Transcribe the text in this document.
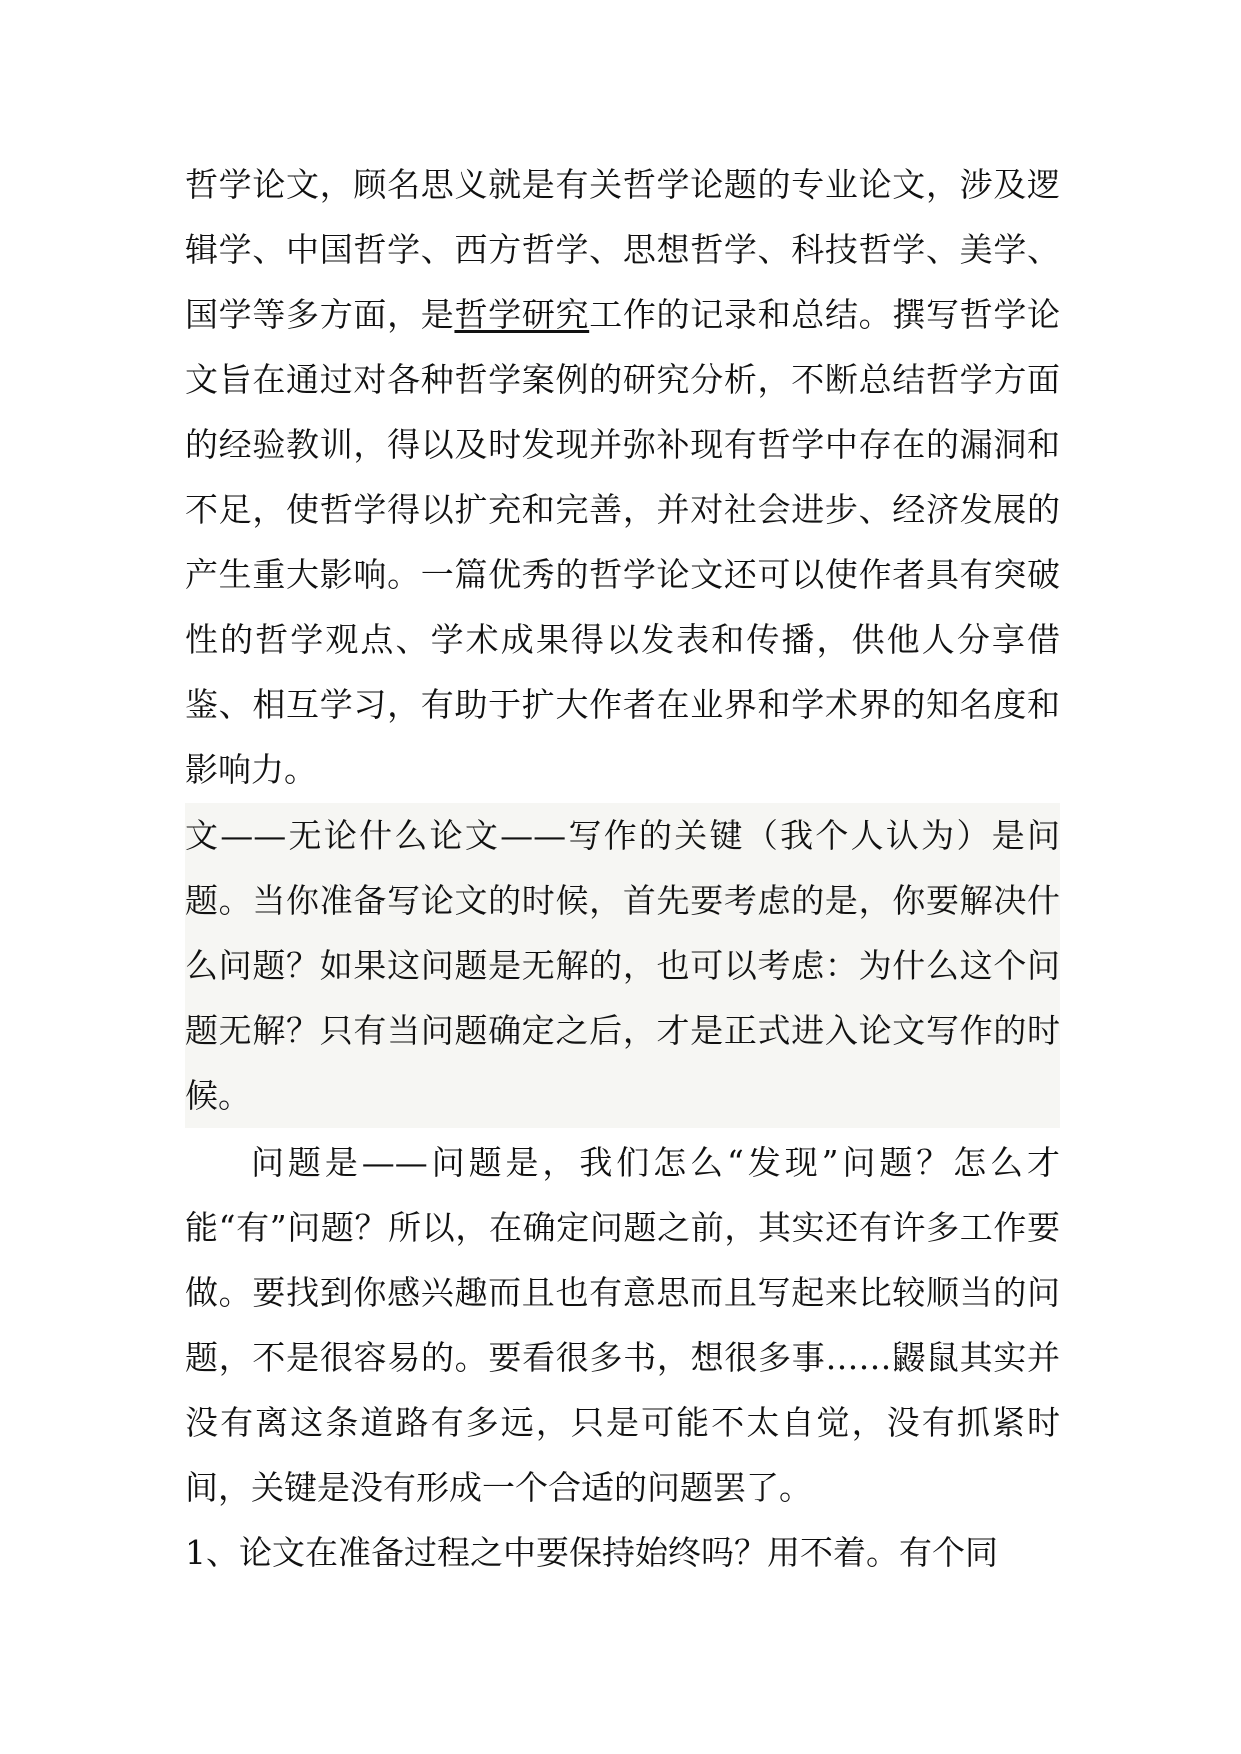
哲学论文，顾名思义就是有关哲学论题的专业论文，涉及逻辑学、中国哲学、西方哲学、思想哲学、科技哲学、美学、国学等多方面，是哲学研究工作的记录和总结。撰写哲学论文旨在通过对各种哲学案例的研究分析，不断总结哲学方面的经验教训，得以及时发现并弥补现有哲学中存在的漏洞和不足，使哲学得以扩充和完善，并对社会进步、经济发展的产生重大影响。一篇优秀的哲学论文还可以使作者具有突破性的哲学观点、学术成果得以发表和传播，供他人分享借鉴、相互学习，有助于扩大作者在业界和学术界的知名度和影响力。
文——无论什么论文——写作的关键（我个人认为）是问题。当你准备写论文的时候，首先要考虑的是，你要解决什么问题？如果这问题是无解的，也可以考虑：为什么这个问题无解？只有当问题确定之后，才是正式进入论文写作的时候。
问题是——问题是，我们怎么“发现”问题？怎么才能“有”问题？所以，在确定问题之前，其实还有许多工作要做。要找到你感兴趣而且也有意思而且写起来比较顺当的问题，不是很容易的。要看很多书，想很多事……鼹鼠其实并没有离这条道路有多远，只是可能不太自觉，没有抓紧时间，关键是没有形成一个合适的问题罢了。
1、论文在准备过程之中要保持始终吗？用不着。有个同
